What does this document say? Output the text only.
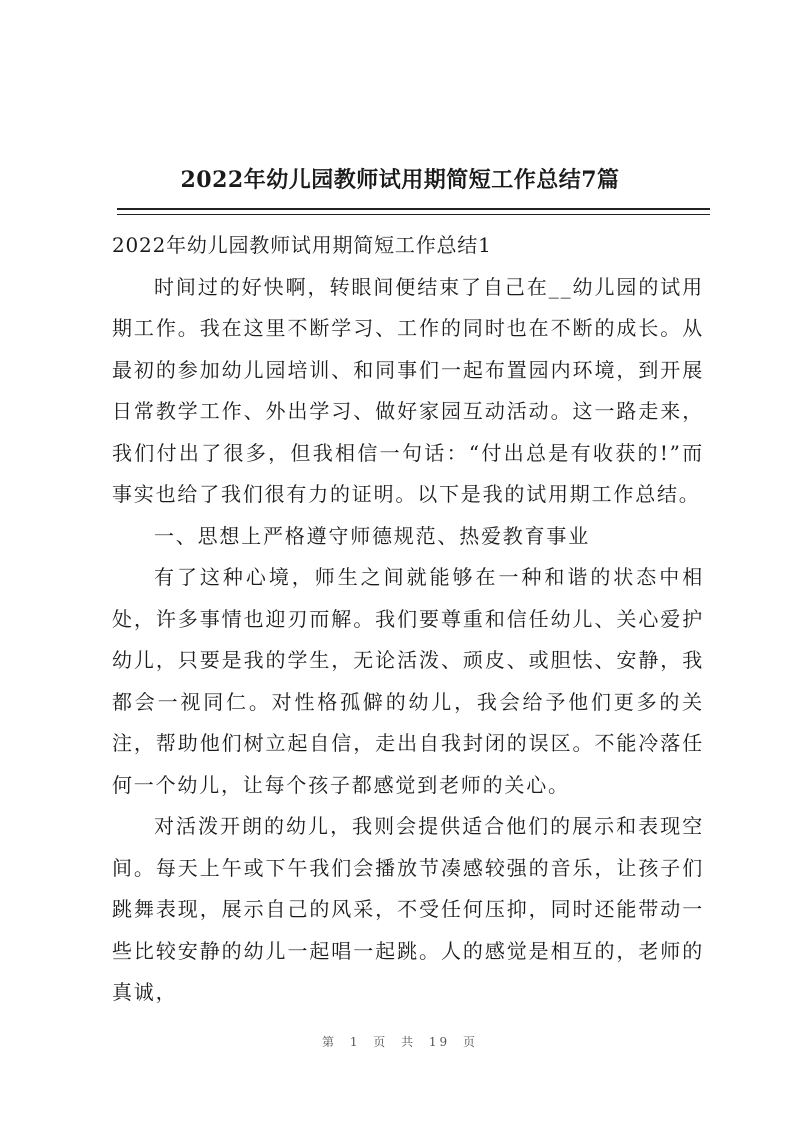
2022年幼儿园教师试用期简短工作总结7篇

2022年幼儿园教师试用期简短工作总结1

时间过的好快啊，转眼间便结束了自己在__幼儿园的试用期工作。我在这里不断学习、工作的同时也在不断的成长。从最初的参加幼儿园培训、和同事们一起布置园内环境，到开展日常教学工作、外出学习、做好家园互动活动。这一路走来，我们付出了很多，但我相信一句话：“付出总是有收获的!”而事实也给了我们很有力的证明。以下是我的试用期工作总结。

一、思想上严格遵守师德规范、热爱教育事业

有了这种心境，师生之间就能够在一种和谐的状态中相处，许多事情也迎刃而解。我们要尊重和信任幼儿、关心爱护幼儿，只要是我的学生，无论活泼、顽皮、或胆怯、安静，我都会一视同仁。对性格孤僻的幼儿，我会给予他们更多的关注，帮助他们树立起自信，走出自我封闭的误区。不能冷落任何一个幼儿，让每个孩子都感觉到老师的关心。

对活泼开朗的幼儿，我则会提供适合他们的展示和表现空间。每天上午或下午我们会播放节凑感较强的音乐，让孩子们跳舞表现，展示自己的风采，不受任何压抑，同时还能带动一些比较安静的幼儿一起唱一起跳。人的感觉是相互的，老师的真诚，

第 1 页 共 19 页
